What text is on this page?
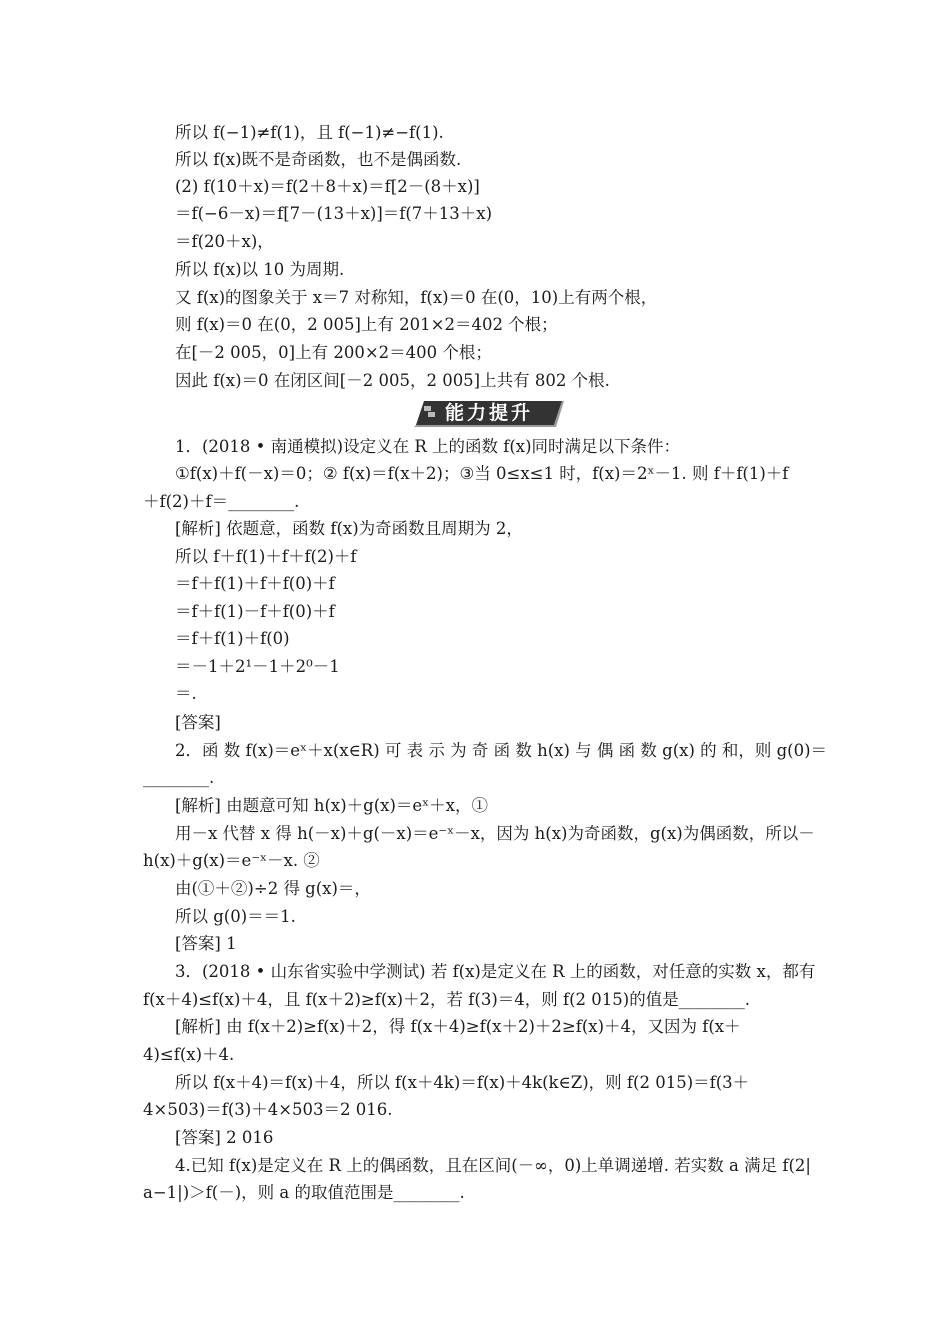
所以 f(−1)≠f(1)，且 f(−1)≠−f(1).
所以 f(x)既不是奇函数，也不是偶函数.
(2) f(10＋x)＝f(2＋8＋x)＝f[2－(8＋x)]
＝f(−6－x)＝f[7－(13＋x)]＝f(7＋13＋x)
＝f(20＋x)，
所以 f(x)以 10 为周期.
又 f(x)的图象关于 x＝7 对称知，f(x)＝0 在(0，10)上有两个根，
则 f(x)＝0 在(0，2 005]上有 201×2＝402 个根；
在[－2 005，0]上有 200×2＝400 个根；
因此 f(x)＝0 在闭区间[－2 005，2 005]上共有 802 个根.
能力提升
1．(2018 • 南通模拟)设定义在 R 上的函数 f(x)同时满足以下条件：
①f(x)＋f(－x)＝0；② f(x)＝f(x＋2)；③当 0≤x≤1 时，f(x)＝2ˣ－1. 则 f＋f(1)＋f
＋f(2)＋f＝________.
[解析] 依题意，函数 f(x)为奇函数且周期为 2，
所以 f＋f(1)＋f＋f(2)＋f
＝f＋f(1)＋f＋f(0)＋f
＝f＋f(1)－f＋f(0)＋f
＝f＋f(1)＋f(0)
＝－1＋2¹－1＋2⁰－1
＝.
[答案]
2．函 数 f(x)＝eˣ＋x(x∈R) 可 表 示 为 奇 函 数 h(x) 与 偶 函 数 g(x) 的 和，则 g(0)＝
________.
[解析] 由题意可知 h(x)＋g(x)＝eˣ＋x，①
用－x 代替 x 得 h(－x)＋g(－x)＝e⁻ˣ－x，因为 h(x)为奇函数，g(x)为偶函数，所以－
h(x)＋g(x)＝e⁻ˣ－x. ②
由(①＋②)÷2 得 g(x)＝，
所以 g(0)＝＝1.
[答案] 1
3．(2018 • 山东省实验中学测试) 若 f(x)是定义在 R 上的函数，对任意的实数 x，都有
f(x＋4)≤f(x)＋4，且 f(x＋2)≥f(x)＋2，若 f(3)＝4，则 f(2 015)的值是________.
[解析] 由 f(x＋2)≥f(x)＋2，得 f(x＋4)≥f(x＋2)＋2≥f(x)＋4，又因为 f(x＋
4)≤f(x)＋4.
所以 f(x＋4)＝f(x)＋4，所以 f(x＋4k)＝f(x)＋4k(k∈Z)，则 f(2 015)＝f(3＋
4×503)＝f(3)＋4×503＝2 016.
[答案] 2 016
4.已知 f(x)是定义在 R 上的偶函数，且在区间(－∞，0)上单调递增. 若实数 a 满足 f(2|
a−1|)＞f(－)，则 a 的取值范围是________.
